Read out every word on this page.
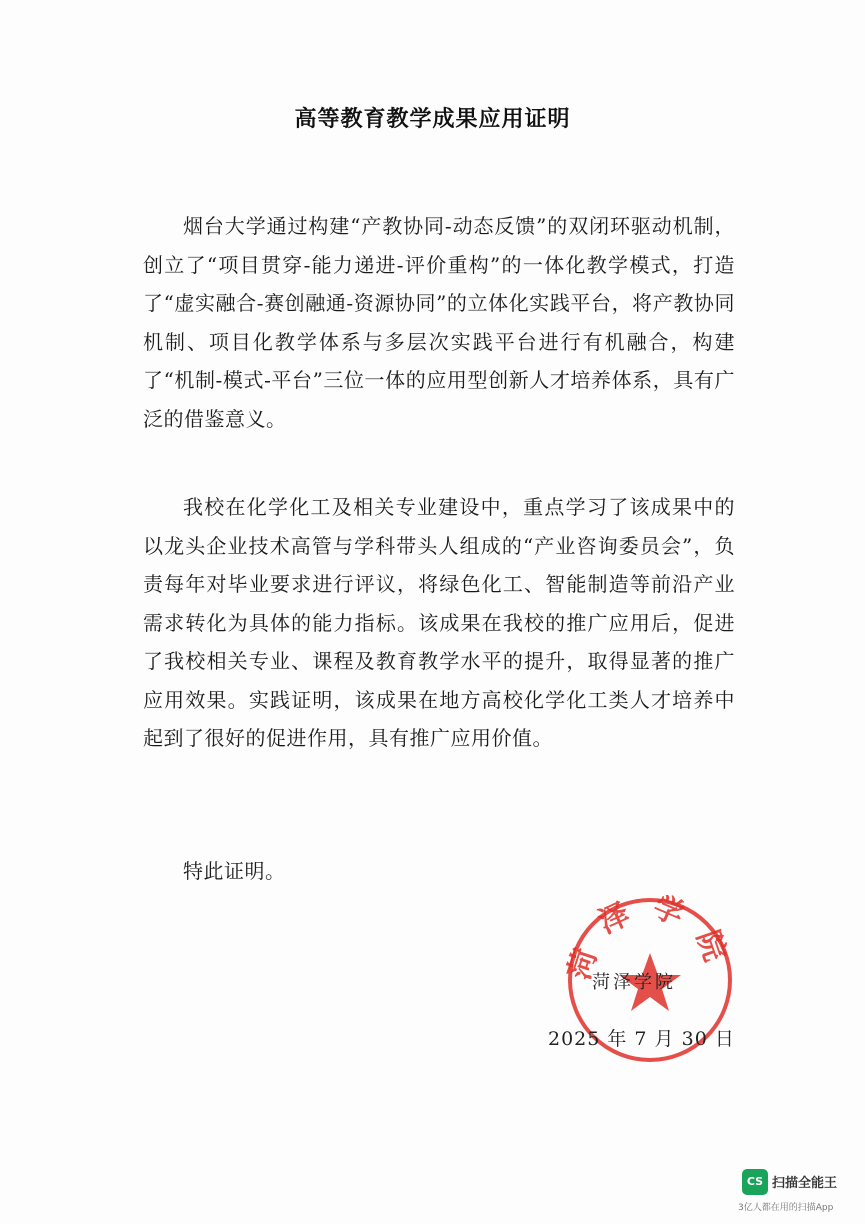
高等教育教学成果应用证明

烟台大学通过构建“产教协同-动态反馈”的双闭环驱动机制，创立了“项目贯穿-能力递进-评价重构”的一体化教学模式，打造了“虚实融合-赛创融通-资源协同”的立体化实践平台，将产教协同机制、项目化教学体系与多层次实践平台进行有机融合，构建了“机制-模式-平台”三位一体的应用型创新人才培养体系，具有广泛的借鉴意义。

我校在化学化工及相关专业建设中，重点学习了该成果中的以龙头企业技术高管与学科带头人组成的“产业咨询委员会”，负责每年对毕业要求进行评议，将绿色化工、智能制造等前沿产业需求转化为具体的能力指标。该成果在我校的推广应用后，促进了我校相关专业、课程及教育教学水平的提升，取得显著的推广应用效果。实践证明，该成果在地方高校化学化工类人才培养中起到了很好的促进作用，具有推广应用价值。

特此证明。

菏泽学院
菏泽学院
2025 年 7 月 30 日
CS 扫描全能王
3亿人都在用的扫描App
